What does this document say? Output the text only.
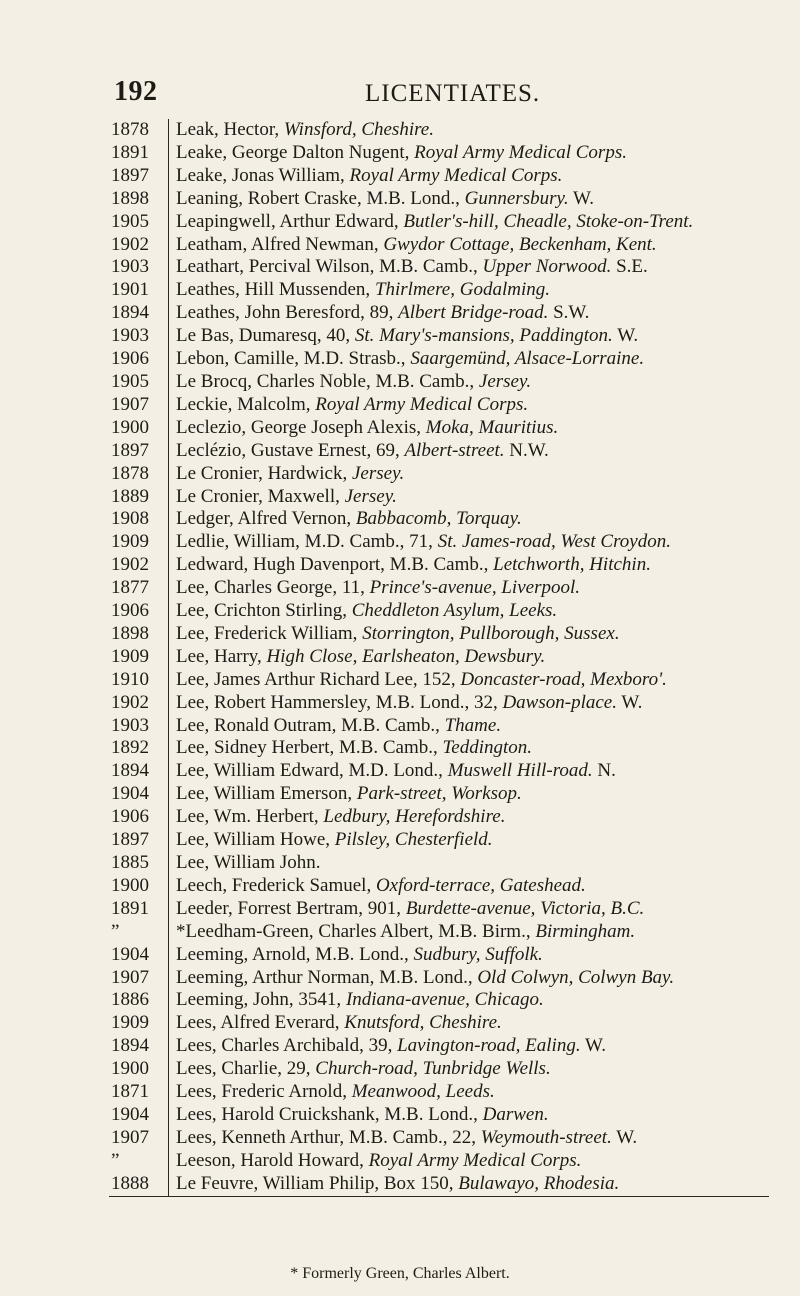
192	LICENTIATES.
1878	Leak, Hector, Winsford, Cheshire.
1891	Leake, George Dalton Nugent, Royal Army Medical Corps.
1897	Leake, Jonas William, Royal Army Medical Corps.
1898	Leaning, Robert Craske, M.B. Lond., Gunnersbury. W.
1905	Leapingwell, Arthur Edward, Butler's-hill, Cheadle, Stoke-on-Trent.
1902	Leatham, Alfred Newman, Gwydor Cottage, Beckenham, Kent.
1903	Leathart, Percival Wilson, M.B. Camb., Upper Norwood. S.E.
1901	Leathes, Hill Mussenden, Thirlmere, Godalming.
1894	Leathes, John Beresford, 89, Albert Bridge-road. S.W.
1903	Le Bas, Dumaresq, 40, St. Mary's-mansions, Paddington. W.
1906	Lebon, Camille, M.D. Strasb., Saargemünd, Alsace-Lorraine.
1905	Le Brocq, Charles Noble, M.B. Camb., Jersey.
1907	Leckie, Malcolm, Royal Army Medical Corps.
1900	Leclezio, George Joseph Alexis, Moka, Mauritius.
1897	Leclézio, Gustave Ernest, 69, Albert-street. N.W.
1878	Le Cronier, Hardwick, Jersey.
1889	Le Cronier, Maxwell, Jersey.
1908	Ledger, Alfred Vernon, Babbacomb, Torquay.
1909	Ledlie, William, M.D. Camb., 71, St. James-road, West Croydon.
1902	Ledward, Hugh Davenport, M.B. Camb., Letchworth, Hitchin.
1877	Lee, Charles George, 11, Prince's-avenue, Liverpool.
1906	Lee, Crichton Stirling, Cheddleton Asylum, Leeks.
1898	Lee, Frederick William, Storrington, Pullborough, Sussex.
1909	Lee, Harry, High Close, Earlsheaton, Dewsbury.
1910	Lee, James Arthur Richard Lee, 152, Doncaster-road, Mexboro'.
1902	Lee, Robert Hammersley, M.B. Lond., 32, Dawson-place. W.
1903	Lee, Ronald Outram, M.B. Camb., Thame.
1892	Lee, Sidney Herbert, M.B. Camb., Teddington.
1894	Lee, William Edward, M.D. Lond., Muswell Hill-road. N.
1904	Lee, William Emerson, Park-street, Worksop.
1906	Lee, Wm. Herbert, Ledbury, Herefordshire.
1897	Lee, William Howe, Pilsley, Chesterfield.
1885	Lee, William John.
1900	Leech, Frederick Samuel, Oxford-terrace, Gateshead.
1891	Leeder, Forrest Bertram, 901, Burdette-avenue, Victoria, B.C.
”	*Leedham-Green, Charles Albert, M.B. Birm., Birmingham.
1904	Leeming, Arnold, M.B. Lond., Sudbury, Suffolk.
1907	Leeming, Arthur Norman, M.B. Lond., Old Colwyn, Colwyn Bay.
1886	Leeming, John, 3541, Indiana-avenue, Chicago.
1909	Lees, Alfred Everard, Knutsford, Cheshire.
1894	Lees, Charles Archibald, 39, Lavington-road, Ealing. W.
1900	Lees, Charlie, 29, Church-road, Tunbridge Wells.
1871	Lees, Frederic Arnold, Meanwood, Leeds.
1904	Lees, Harold Cruickshank, M.B. Lond., Darwen.
1907	Lees, Kenneth Arthur, M.B. Camb., 22, Weymouth-street. W.
”	Leeson, Harold Howard, Royal Army Medical Corps.
1888	Le Feuvre, William Philip, Box 150, Bulawayo, Rhodesia.
* Formerly Green, Charles Albert.
